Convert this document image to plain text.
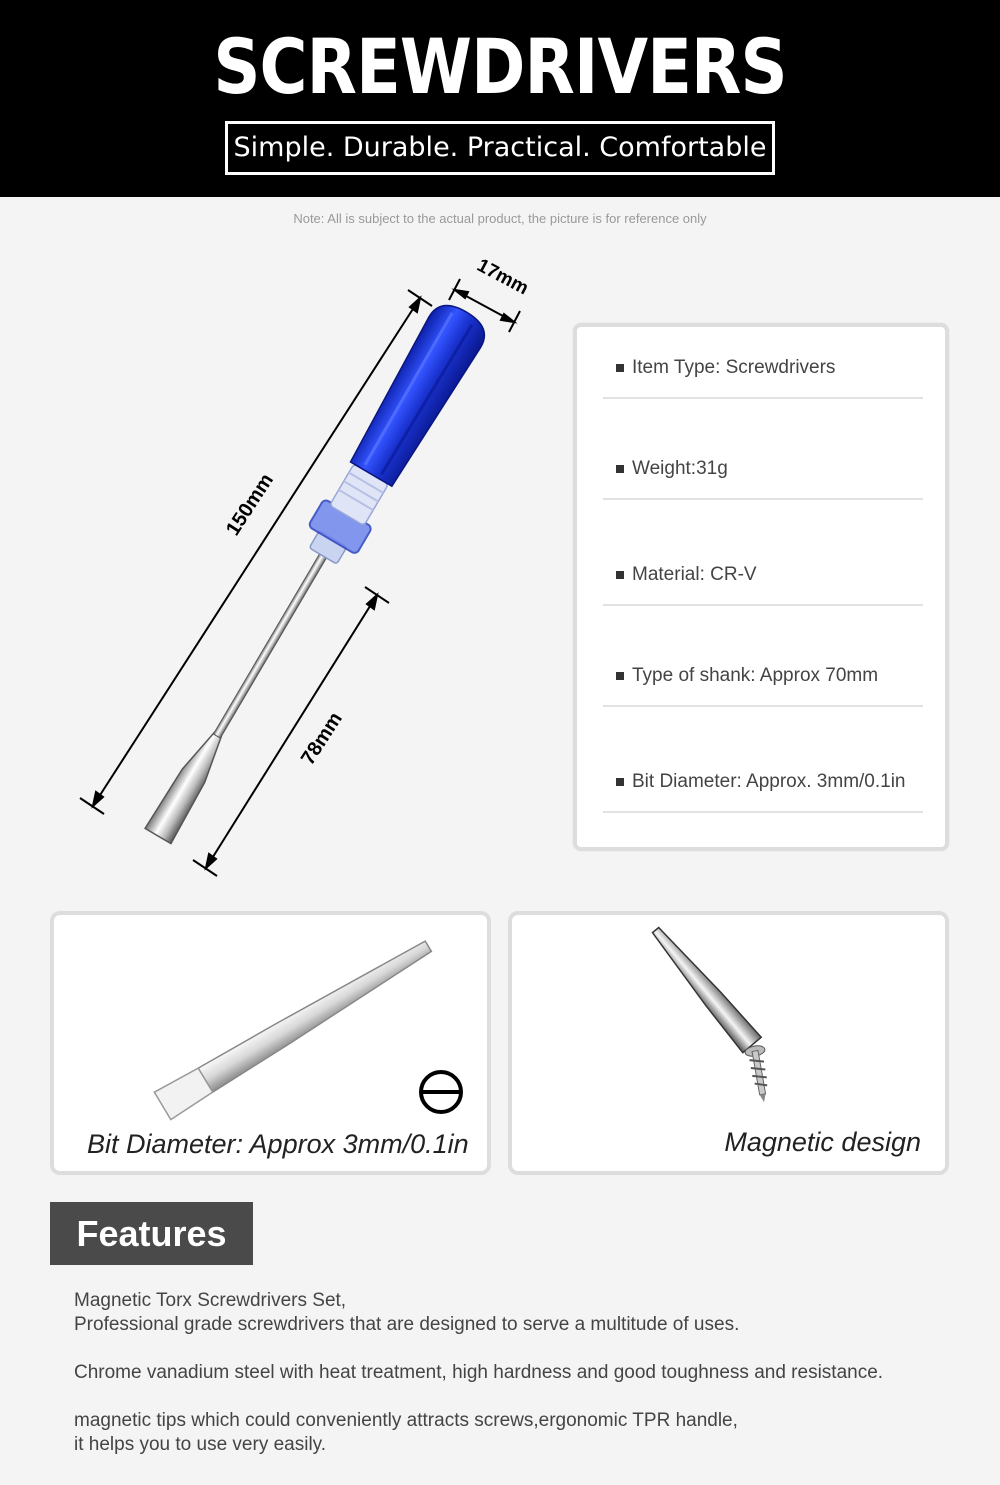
SCREWDRIVERS
Simple. Durable. Practical. Comfortable
Note: All is subject to the actual product, the picture is for reference only
150mm
78mm
17mm
Item Type: Screwdrivers
Weight:31g
Material: CR-V
Type of shank: Approx 70mm
Bit Diameter: Approx. 3mm/0.1in
Bit Diameter: Approx 3mm/0.1in	Magnetic design
Features

Magnetic Torx Screwdrivers Set,
Professional grade screwdrivers that are designed to serve a multitude of uses.

Chrome vanadium steel with heat treatment, high hardness and good toughness and resistance.

magnetic tips which could conveniently attracts screws,ergonomic TPR handle,
it helps you to use very easily.
